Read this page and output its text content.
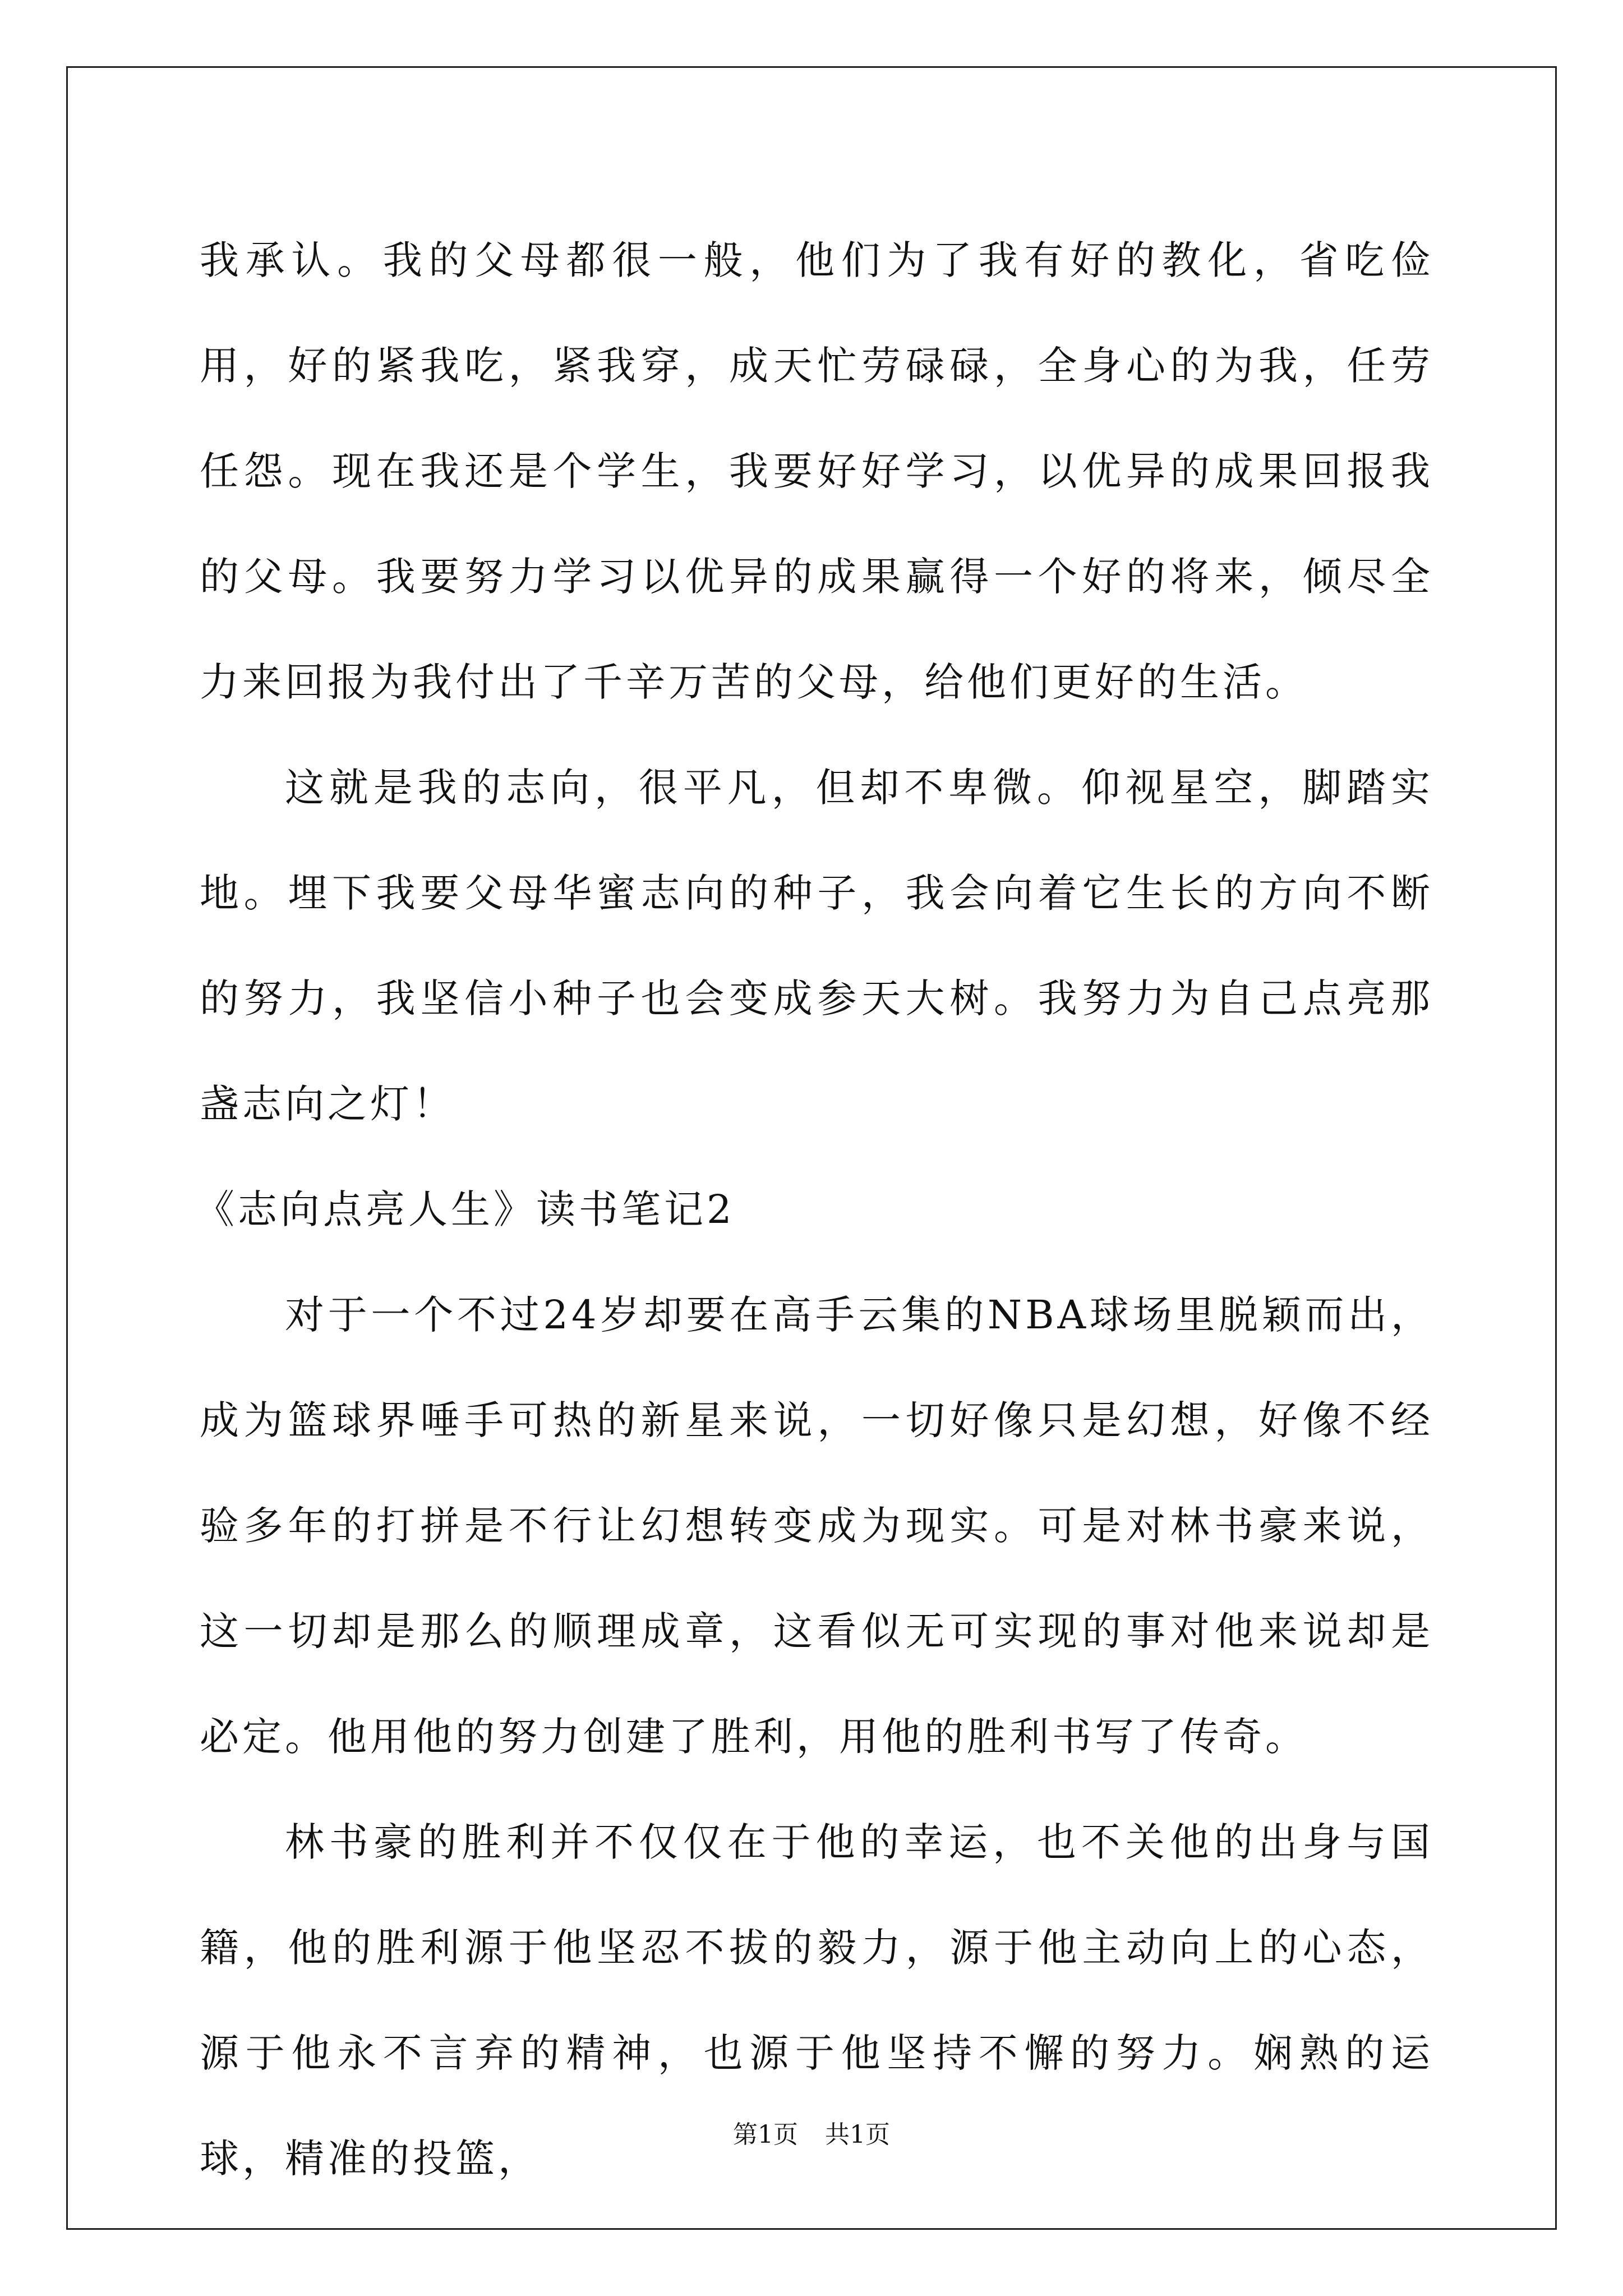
我承认。我的父母都很一般，他们为了我有好的教化，省吃俭用，好的紧我吃，紧我穿，成天忙劳碌碌，全身心的为我，任劳任怨。现在我还是个学生，我要好好学习，以优异的成果回报我的父母。我要努力学习以优异的成果赢得一个好的将来，倾尽全力来回报为我付出了千辛万苦的父母，给他们更好的生活。

这就是我的志向，很平凡，但却不卑微。仰视星空，脚踏实地。埋下我要父母华蜜志向的种子，我会向着它生长的方向不断的努力，我坚信小种子也会变成参天大树。我努力为自己点亮那盏志向之灯！

《志向点亮人生》读书笔记2

对于一个不过24岁却要在高手云集的NBA球场里脱颖而出，成为篮球界唾手可热的新星来说，一切好像只是幻想，好像不经验多年的打拼是不行让幻想转变成为现实。可是对林书豪来说，这一切却是那么的顺理成章，这看似无可实现的事对他来说却是必定。他用他的努力创建了胜利，用他的胜利书写了传奇。

林书豪的胜利并不仅仅在于他的幸运，也不关他的出身与国籍，他的胜利源于他坚忍不拔的毅力，源于他主动向上的心态，源于他永不言弃的精神，也源于他坚持不懈的努力。娴熟的运球，精准的投篮，

第1页 共1页
